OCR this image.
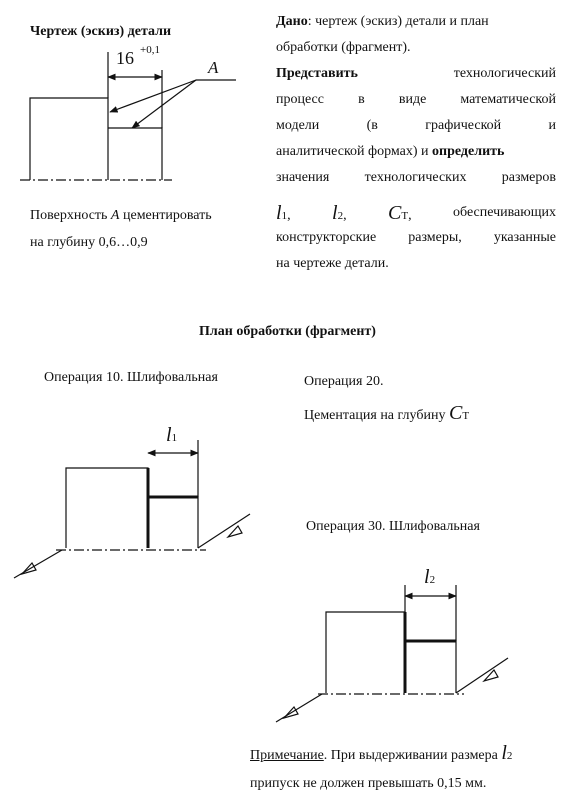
Чертеж (эскиз) детали
16 +0,1
A
Поверхность A цементировать
на глубину 0,6…0,9
Дано: чертеж (эскиз) детали и план
обработки (фрагмент).
Представить	технологический
процесс в виде математической
модели (в графической и
аналитической формах) и определить
значения технологических размеров
l1, l2, CТ,	обеспечивающих
конструкторские размеры, указанные
на чертеже детали.
План обработки (фрагмент)
Операция 10. Шлифовальная
l1
Операция 20.
Цементация на глубину CТ
Операция 30. Шлифовальная
l2
Примечание. При выдерживании размера l2
припуск не должен превышать 0,15 мм.
